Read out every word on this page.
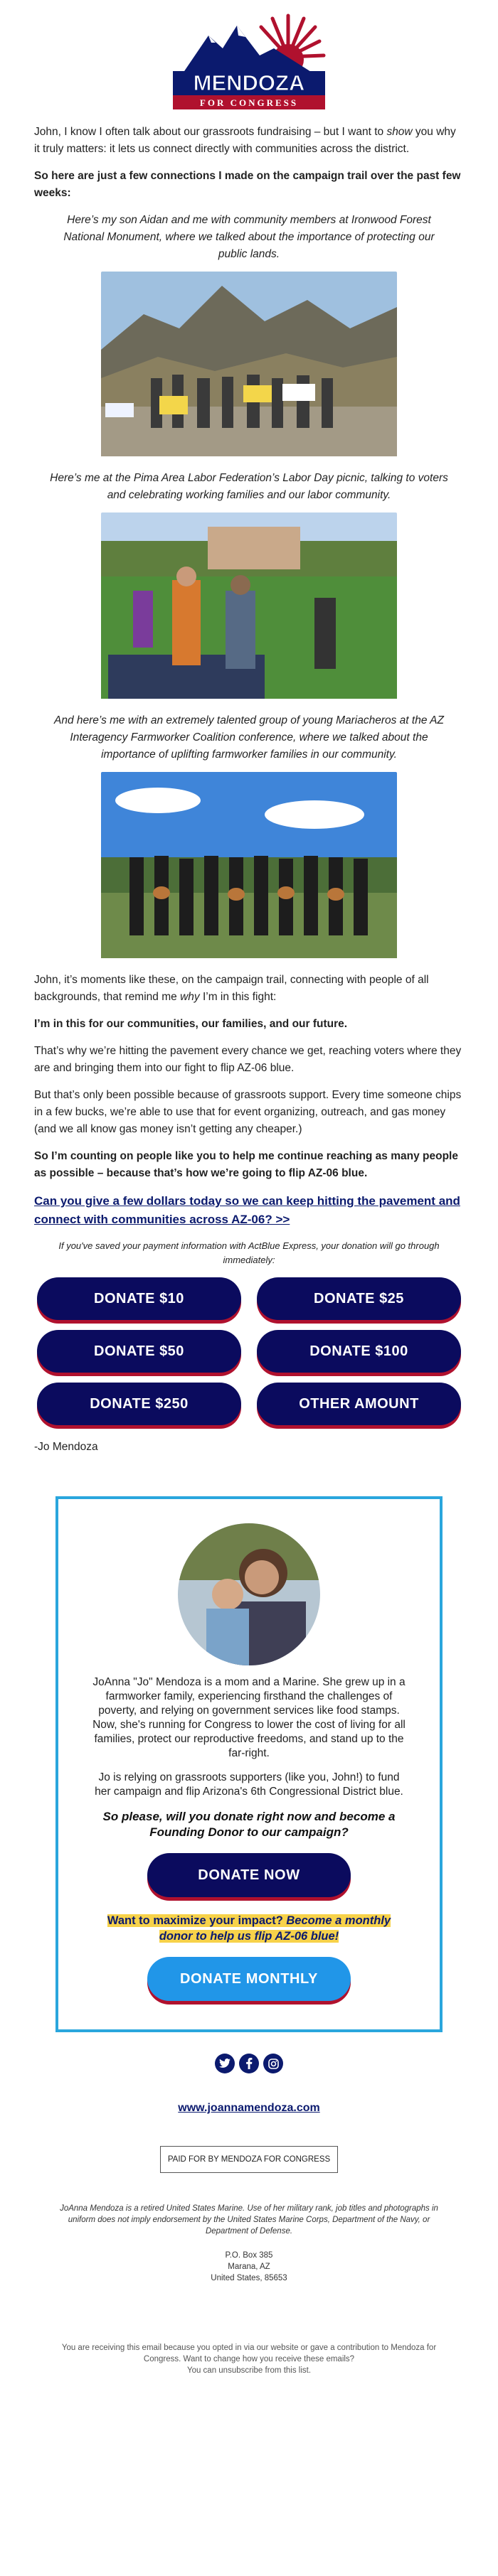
MENDOZA
FOR CONGRESS

John, I know I often talk about our grassroots fundraising – but I want to show you why it truly matters: it lets us connect directly with communities across the district.

So here are just a few connections I made on the campaign trail over the past few weeks:

Here’s my son Aidan and me with community members at Ironwood Forest National Monument, where we talked about the importance of protecting our public lands.

Here’s me at the Pima Area Labor Federation’s Labor Day picnic, talking to voters and celebrating working families and our labor community.

And here’s me with an extremely talented group of young Mariacheros at the AZ Interagency Farmworker Coalition conference, where we talked about the importance of uplifting farmworker families in our community.

John, it’s moments like these, on the campaign trail, connecting with people of all backgrounds, that remind me why I’m in this fight:

I’m in this for our communities, our families, and our future.

That’s why we’re hitting the pavement every chance we get, reaching voters where they are and bringing them into our fight to flip AZ-06 blue.

But that’s only been possible because of grassroots support. Every time someone chips in a few bucks, we’re able to use that for event organizing, outreach, and gas money (and we all know gas money isn’t getting any cheaper.)

So I’m counting on people like you to help me continue reaching as many people as possible – because that’s how we’re going to flip AZ-06 blue.

Can you give a few dollars today so we can keep hitting the pavement and connect with communities across AZ-06? >>

If you've saved your payment information with ActBlue Express, your donation will go through immediately:

DONATE $10	DONATE $25
DONATE $50	DONATE $100
DONATE $250	OTHER AMOUNT

-Jo Mendoza

JoAnna "Jo" Mendoza is a mom and a Marine. She grew up in a farmworker family, experiencing firsthand the challenges of poverty, and relying on government services like food stamps. Now, she's running for Congress to lower the cost of living for all families, protect our reproductive freedoms, and stand up to the far-right.

Jo is relying on grassroots supporters (like you, John!) to fund her campaign and flip Arizona's 6th Congressional District blue.

So please, will you donate right now and become a Founding Donor to our campaign?

DONATE NOW

Want to maximize your impact? Become a monthly donor to help us flip AZ-06 blue!

DONATE MONTHLY
www.joannamendoza.com
PAID FOR BY MENDOZA FOR CONGRESS

JoAnna Mendoza is a retired United States Marine. Use of her military rank, job titles and photographs in uniform does not imply endorsement by the United States Marine Corps, Department of the Navy, or Department of Defense.

P.O. Box 385
Marana, AZ
United States, 85653
You are receiving this email because you opted in via our website or gave a contribution to Mendoza for Congress. Want to change how you receive these emails?
You can unsubscribe from this list.
